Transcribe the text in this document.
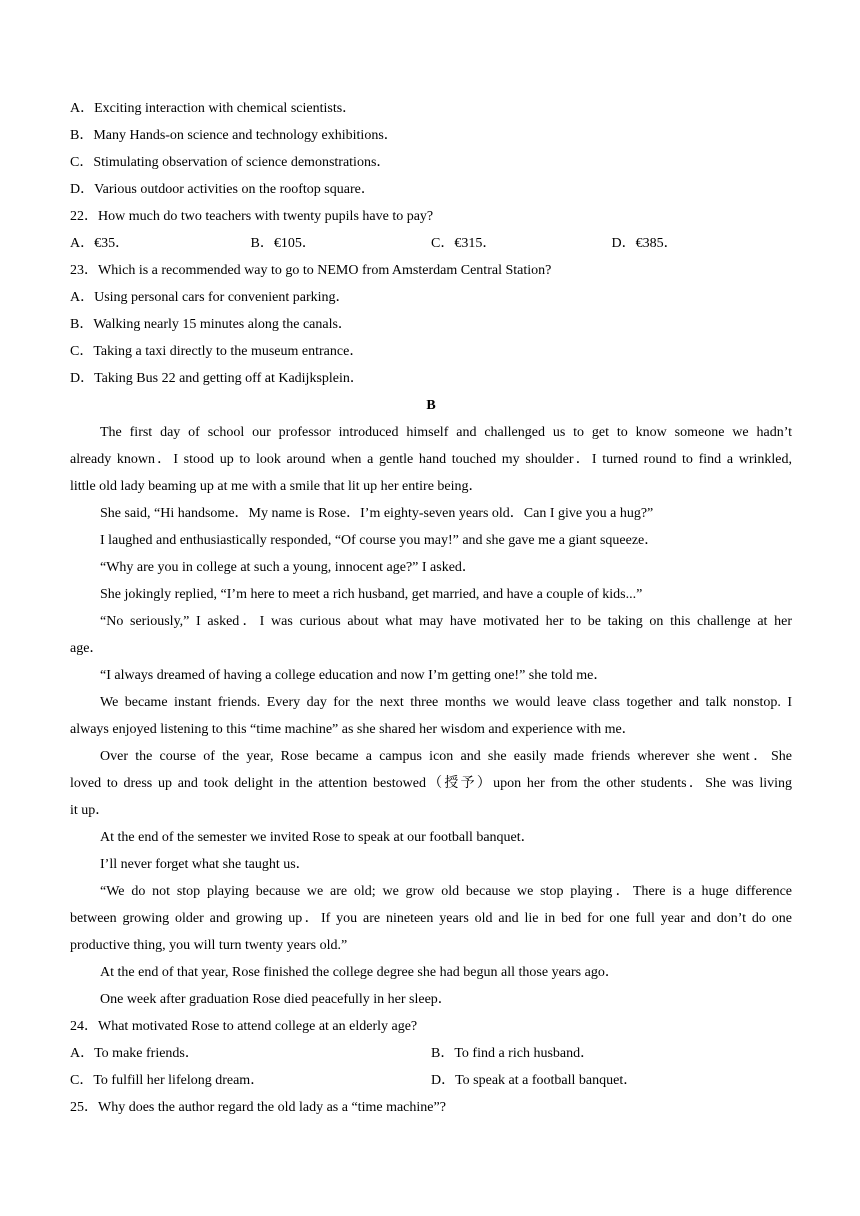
A．Exciting interaction with chemical scientists．
B．Many Hands-on science and technology exhibitions．
C．Stimulating observation of science demonstrations．
D．Various outdoor activities on the rooftop square．
22．How much do two teachers with twenty pupils have to pay?
A．€35．	B．€105．	C．€315．	D．€385．
23．Which is a recommended way to go to NEMO from Amsterdam Central Station?
A．Using personal cars for convenient parking．
B．Walking nearly 15 minutes along the canals．
C．Taking a taxi directly to the museum entrance．
D．Taking Bus 22 and getting off at Kadijksplein．
B
The first day of school our professor introduced himself and challenged us to get to know someone we hadn’t
already known．I stood up to look around when a gentle hand touched my shoulder．I turned round to find a wrinkled,
little old lady beaming up at me with a smile that lit up her entire being．
She said, “Hi handsome．My name is Rose．I’m eighty-seven years old．Can I give you a hug?”
I laughed and enthusiastically responded, “Of course you may!” and she gave me a giant squeeze．
“Why are you in college at such a young, innocent age?” I asked．
She jokingly replied, “I’m here to meet a rich husband, get married, and have a couple of kids...”
“No seriously,” I asked．I was curious about what may have motivated her to be taking on this challenge at her
age．
“I always dreamed of having a college education and now I’m getting one!” she told me．
We became instant friends. Every day for the next three months we would leave class together and talk nonstop. I
always enjoyed listening to this “time machine” as she shared her wisdom and experience with me．
Over the course of the year, Rose became a campus icon and she easily made friends wherever she went．She
loved to dress up and took delight in the attention bestowed（授予）upon her from the other students．She was living
it up．
At the end of the semester we invited Rose to speak at our football banquet．
I’ll never forget what she taught us．
“We do not stop playing because we are old; we grow old because we stop playing．There is a huge difference
between growing older and growing up．If you are nineteen years old and lie in bed for one full year and don’t do one
productive thing, you will turn twenty years old.”
At the end of that year, Rose finished the college degree she had begun all those years ago．
One week after graduation Rose died peacefully in her sleep．
24．What motivated Rose to attend college at an elderly age?
A．To make friends．	B．To find a rich husband．
C．To fulfill her lifelong dream．	D．To speak at a football banquet．
25．Why does the author regard the old lady as a “time machine”?
